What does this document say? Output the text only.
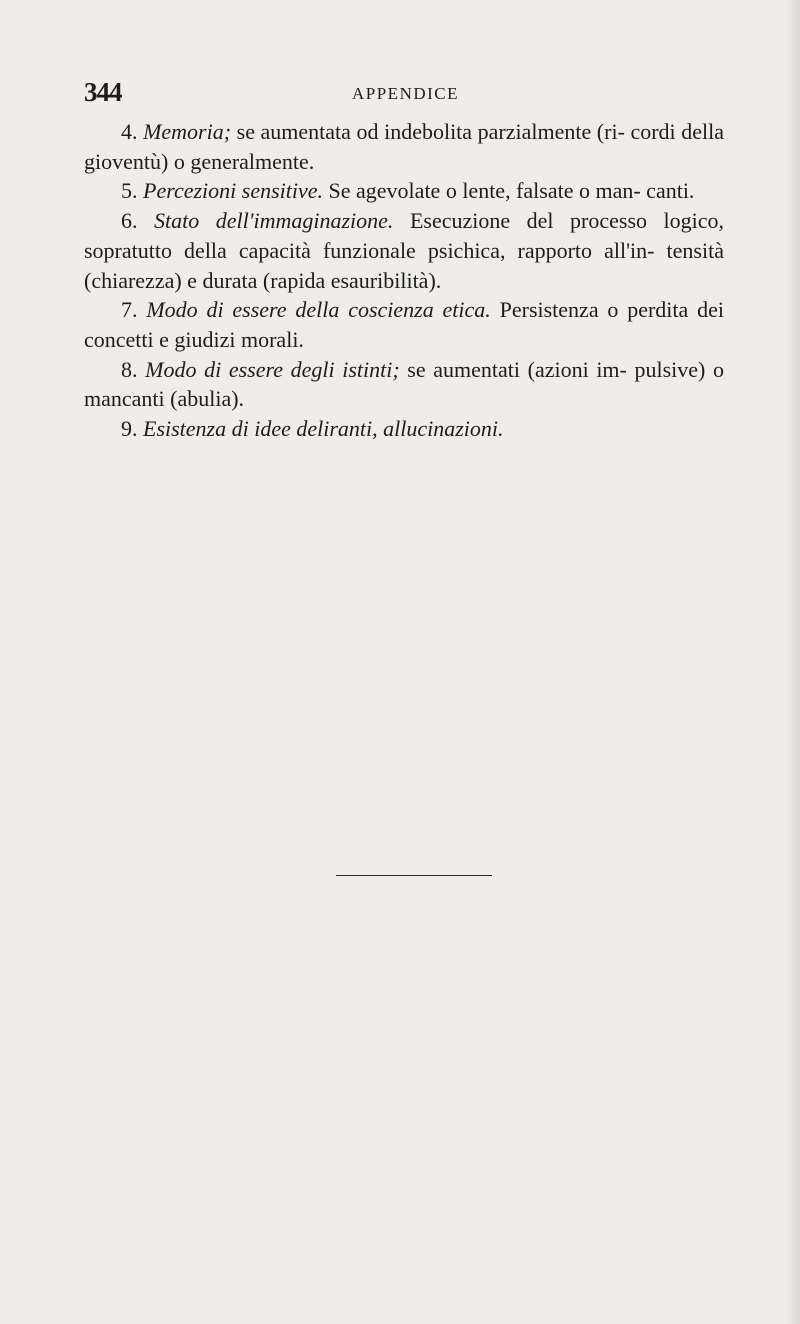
344	APPENDICE

4. Memoria; se aumentata od indebolita parzialmente (ri- cordi della gioventù) o generalmente.

5. Percezioni sensitive. Se agevolate o lente, falsate o man- canti.

6. Stato dell'immaginazione. Esecuzione del processo logico, sopratutto della capacità funzionale psichica, rapporto all'in- tensità (chiarezza) e durata (rapida esauribilità).

7. Modo di essere della coscienza etica. Persistenza o perdita dei concetti e giudizi morali.

8. Modo di essere degli istinti; se aumentati (azioni im- pulsive) o mancanti (abulia).

9. Esistenza di idee deliranti, allucinazioni.
